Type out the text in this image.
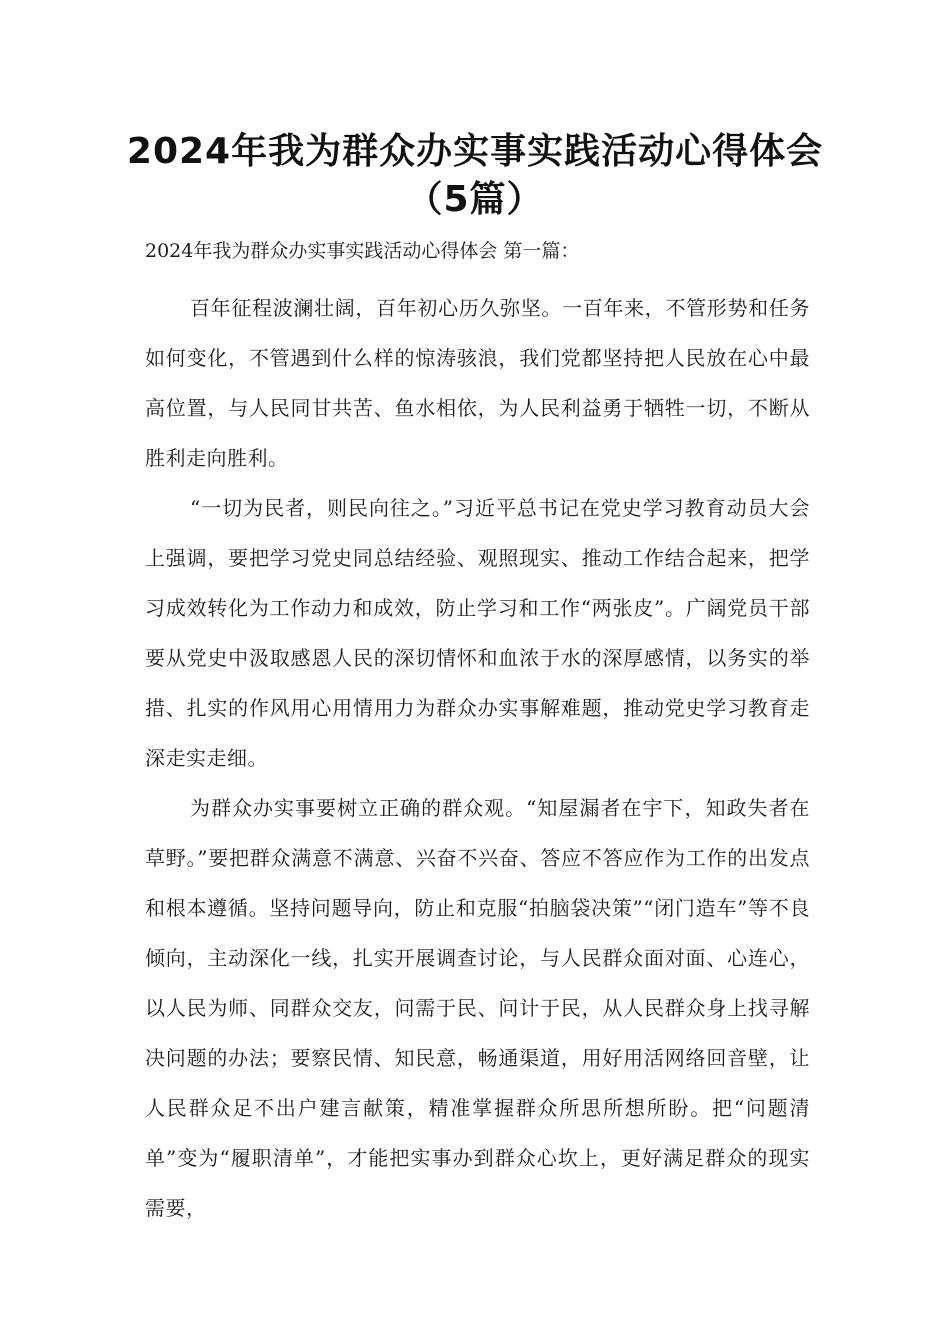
2024年我为群众办实事实践活动心得体会（5篇）

2024年我为群众办实事实践活动心得体会 第一篇：

百年征程波澜壮阔，百年初心历久弥坚。一百年来，不管形势和任务如何变化，不管遇到什么样的惊涛骇浪，我们党都坚持把人民放在心中最高位置，与人民同甘共苦、鱼水相依，为人民利益勇于牺牲一切，不断从胜利走向胜利。

“一切为民者，则民向往之。”习近平总书记在党史学习教育动员大会上强调，要把学习党史同总结经验、观照现实、推动工作结合起来，把学习成效转化为工作动力和成效，防止学习和工作“两张皮”。广阔党员干部要从党史中汲取感恩人民的深切情怀和血浓于水的深厚感情，以务实的举措、扎实的作风用心用情用力为群众办实事解难题，推动党史学习教育走深走实走细。

为群众办实事要树立正确的群众观。“知屋漏者在宇下，知政失者在草野。”要把群众满意不满意、兴奋不兴奋、答应不答应作为工作的出发点和根本遵循。坚持问题导向，防止和克服“拍脑袋决策”“闭门造车”等不良倾向，主动深化一线，扎实开展调查讨论，与人民群众面对面、心连心，以人民为师、同群众交友，问需于民、问计于民，从人民群众身上找寻解决问题的办法；要察民情、知民意，畅通渠道，用好用活网络回音壁，让人民群众足不出户建言献策，精准掌握群众所思所想所盼。把“问题清单”变为“履职清单”，才能把实事办到群众心坎上，更好满足群众的现实需要，
